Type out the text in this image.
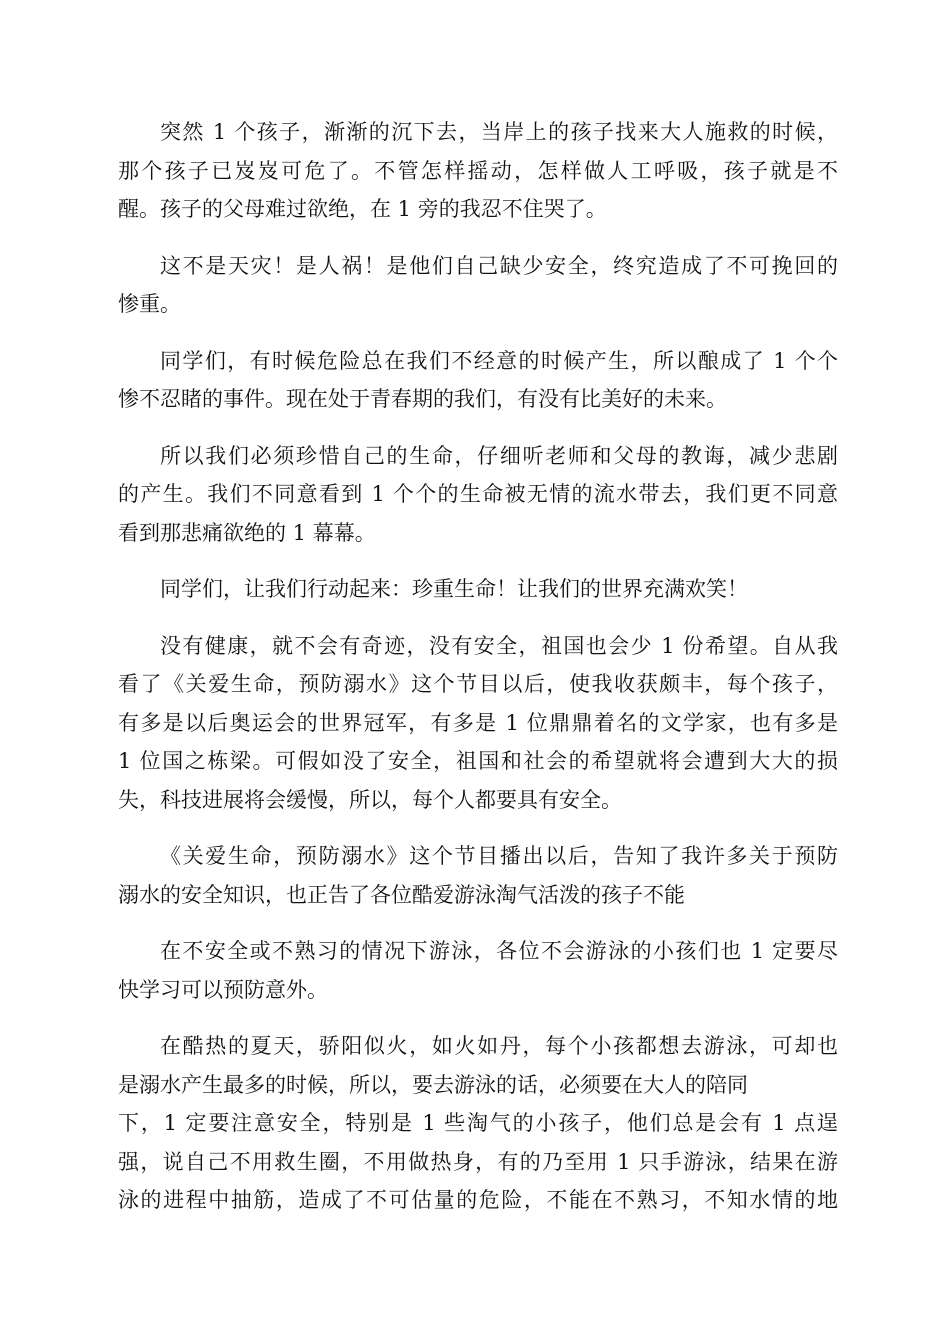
突然 1 个孩子，渐渐的沉下去，当岸上的孩子找来大人施救的时候，
那个孩子已岌岌可危了。不管怎样摇动，怎样做人工呼吸，孩子就是不
醒。孩子的父母难过欲绝，在 1 旁的我忍不住哭了。
这不是天灾！是人祸！是他们自己缺少安全，终究造成了不可挽回的
惨重。
同学们，有时候危险总在我们不经意的时候产生，所以酿成了 1 个个
惨不忍睹的事件。现在处于青春期的我们，有没有比美好的未来。
所以我们必须珍惜自己的生命，仔细听老师和父母的教诲，减少悲剧
的产生。我们不同意看到 1 个个的生命被无情的流水带去，我们更不同意
看到那悲痛欲绝的 1 幕幕。
同学们，让我们行动起来：珍重生命！让我们的世界充满欢笑！
没有健康，就不会有奇迹，没有安全，祖国也会少 1 份希望。自从我
看了《关爱生命，预防溺水》这个节目以后，使我收获颇丰，每个孩子，
有多是以后奥运会的世界冠军，有多是 1 位鼎鼎着名的文学家，也有多是
1 位国之栋梁。可假如没了安全，祖国和社会的希望就将会遭到大大的损
失，科技进展将会缓慢，所以，每个人都要具有安全。
《关爱生命，预防溺水》这个节目播出以后，告知了我许多关于预防
溺水的安全知识，也正告了各位酷爱游泳淘气活泼的孩子不能
在不安全或不熟习的情况下游泳，各位不会游泳的小孩们也 1 定要尽
快学习可以预防意外。
在酷热的夏天，骄阳似火，如火如丹，每个小孩都想去游泳，可却也
是溺水产生最多的时候，所以，要去游泳的话，必须要在大人的陪同
下，1 定要注意安全，特别是 1 些淘气的小孩子，他们总是会有 1 点逞
强，说自己不用救生圈，不用做热身，有的乃至用 1 只手游泳，结果在游
泳的进程中抽筋，造成了不可估量的危险，不能在不熟习，不知水情的地
